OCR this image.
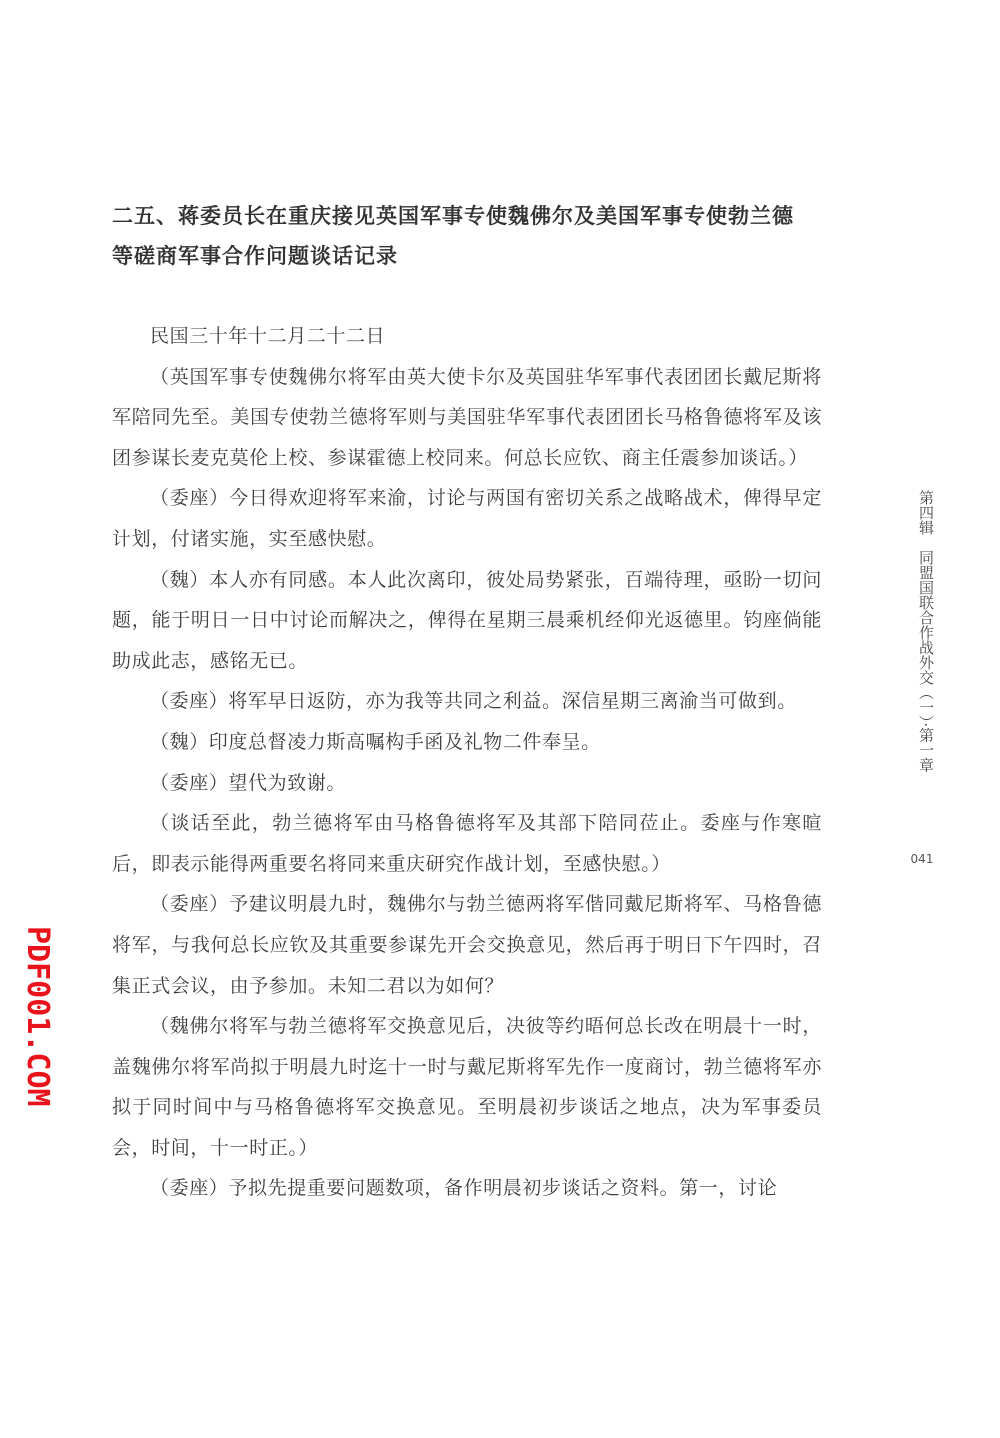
二五、蒋委员长在重庆接见英国军事专使魏佛尔及美国军事专使勃兰德
等磋商军事合作问题谈话记录

民国三十年十二月二十二日

（英国军事专使魏佛尔将军由英大使卡尔及英国驻华军事代表团团长戴尼斯将军陪同先至。美国专使勃兰德将军则与美国驻华军事代表团团长马格鲁德将军及该团参谋长麦克莫伦上校、参谋霍德上校同来。何总长应钦、商主任震参加谈话。）

（委座）今日得欢迎将军来渝，讨论与两国有密切关系之战略战术，俾得早定计划，付诸实施，实至感快慰。

（魏）本人亦有同感。本人此次离印，彼处局势紧张，百端待理，亟盼一切问题，能于明日一日中讨论而解决之，俾得在星期三晨乘机经仰光返德里。钧座倘能助成此志，感铭无已。

（委座）将军早日返防，亦为我等共同之利益。深信星期三离渝当可做到。

（魏）印度总督凌力斯高嘱构手函及礼物二件奉呈。

（委座）望代为致谢。

（谈话至此，勃兰德将军由马格鲁德将军及其部下陪同莅止。委座与作寒暄后，即表示能得两重要名将同来重庆研究作战计划，至感快慰。）

（委座）予建议明晨九时，魏佛尔与勃兰德两将军偕同戴尼斯将军、马格鲁德将军，与我何总长应钦及其重要参谋先开会交换意见，然后再于明日下午四时，召集正式会议，由予参加。未知二君以为如何？

（魏佛尔将军与勃兰德将军交换意见后，决彼等约晤何总长改在明晨十一时，盖魏佛尔将军尚拟于明晨九时迄十一时与戴尼斯将军先作一度商讨，勃兰德将军亦拟于同时间中与马格鲁德将军交换意见。至明晨初步谈话之地点，决为军事委员会，时间，十一时正。）

（委座）予拟先提重要问题数项，备作明晨初步谈话之资料。第一，讨论

第四辑　同盟国联合作战外交（一）·第一章
041
PDF001.COM
